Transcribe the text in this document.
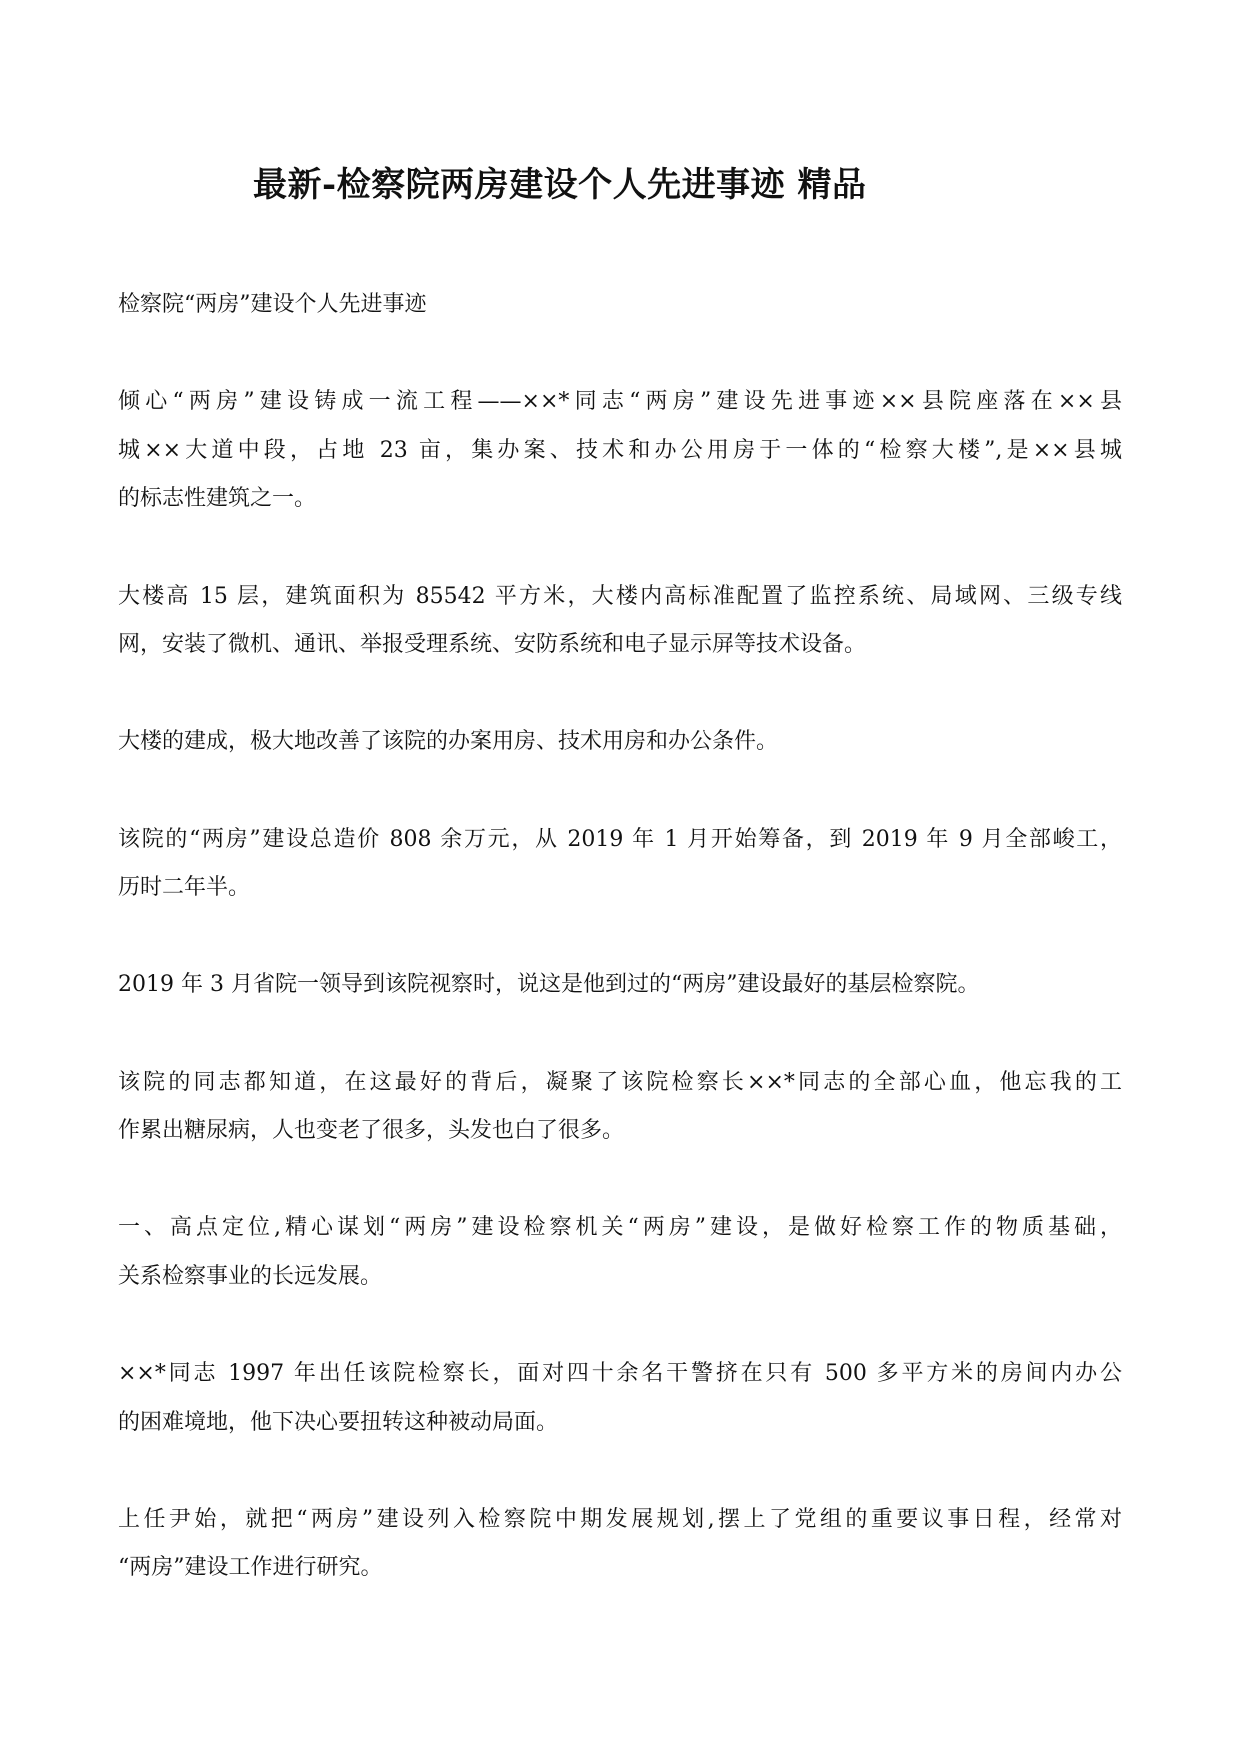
最新-检察院两房建设个人先进事迹 精品
检察院“两房”建设个人先进事迹
倾心“两房”建设铸成一流工程——××*同志“两房”建设先进事迹××县院座落在××县
城××大道中段，占地 23 亩，集办案、技术和办公用房于一体的“检察大楼”,是××县城
的标志性建筑之一。
大楼高 15 层，建筑面积为 85542 平方米，大楼内高标准配置了监控系统、局域网、三级专线
网，安装了微机、通讯、举报受理系统、安防系统和电子显示屏等技术设备。
大楼的建成，极大地改善了该院的办案用房、技术用房和办公条件。
该院的“两房”建设总造价 808 余万元，从 2019 年 1 月开始筹备，到 2019 年 9 月全部峻工，
历时二年半。
2019 年 3 月省院一领导到该院视察时，说这是他到过的“两房”建设最好的基层检察院。
该院的同志都知道，在这最好的背后，凝聚了该院检察长××*同志的全部心血，他忘我的工
作累出糖尿病，人也变老了很多，头发也白了很多。
一、高点定位,精心谋划“两房”建设检察机关“两房”建设，是做好检察工作的物质基础，
关系检察事业的长远发展。
××*同志 1997 年出任该院检察长，面对四十余名干警挤在只有 500 多平方米的房间内办公
的困难境地，他下决心要扭转这种被动局面。
上任尹始，就把“两房”建设列入检察院中期发展规划,摆上了党组的重要议事日程，经常对
“两房”建设工作进行研究。
